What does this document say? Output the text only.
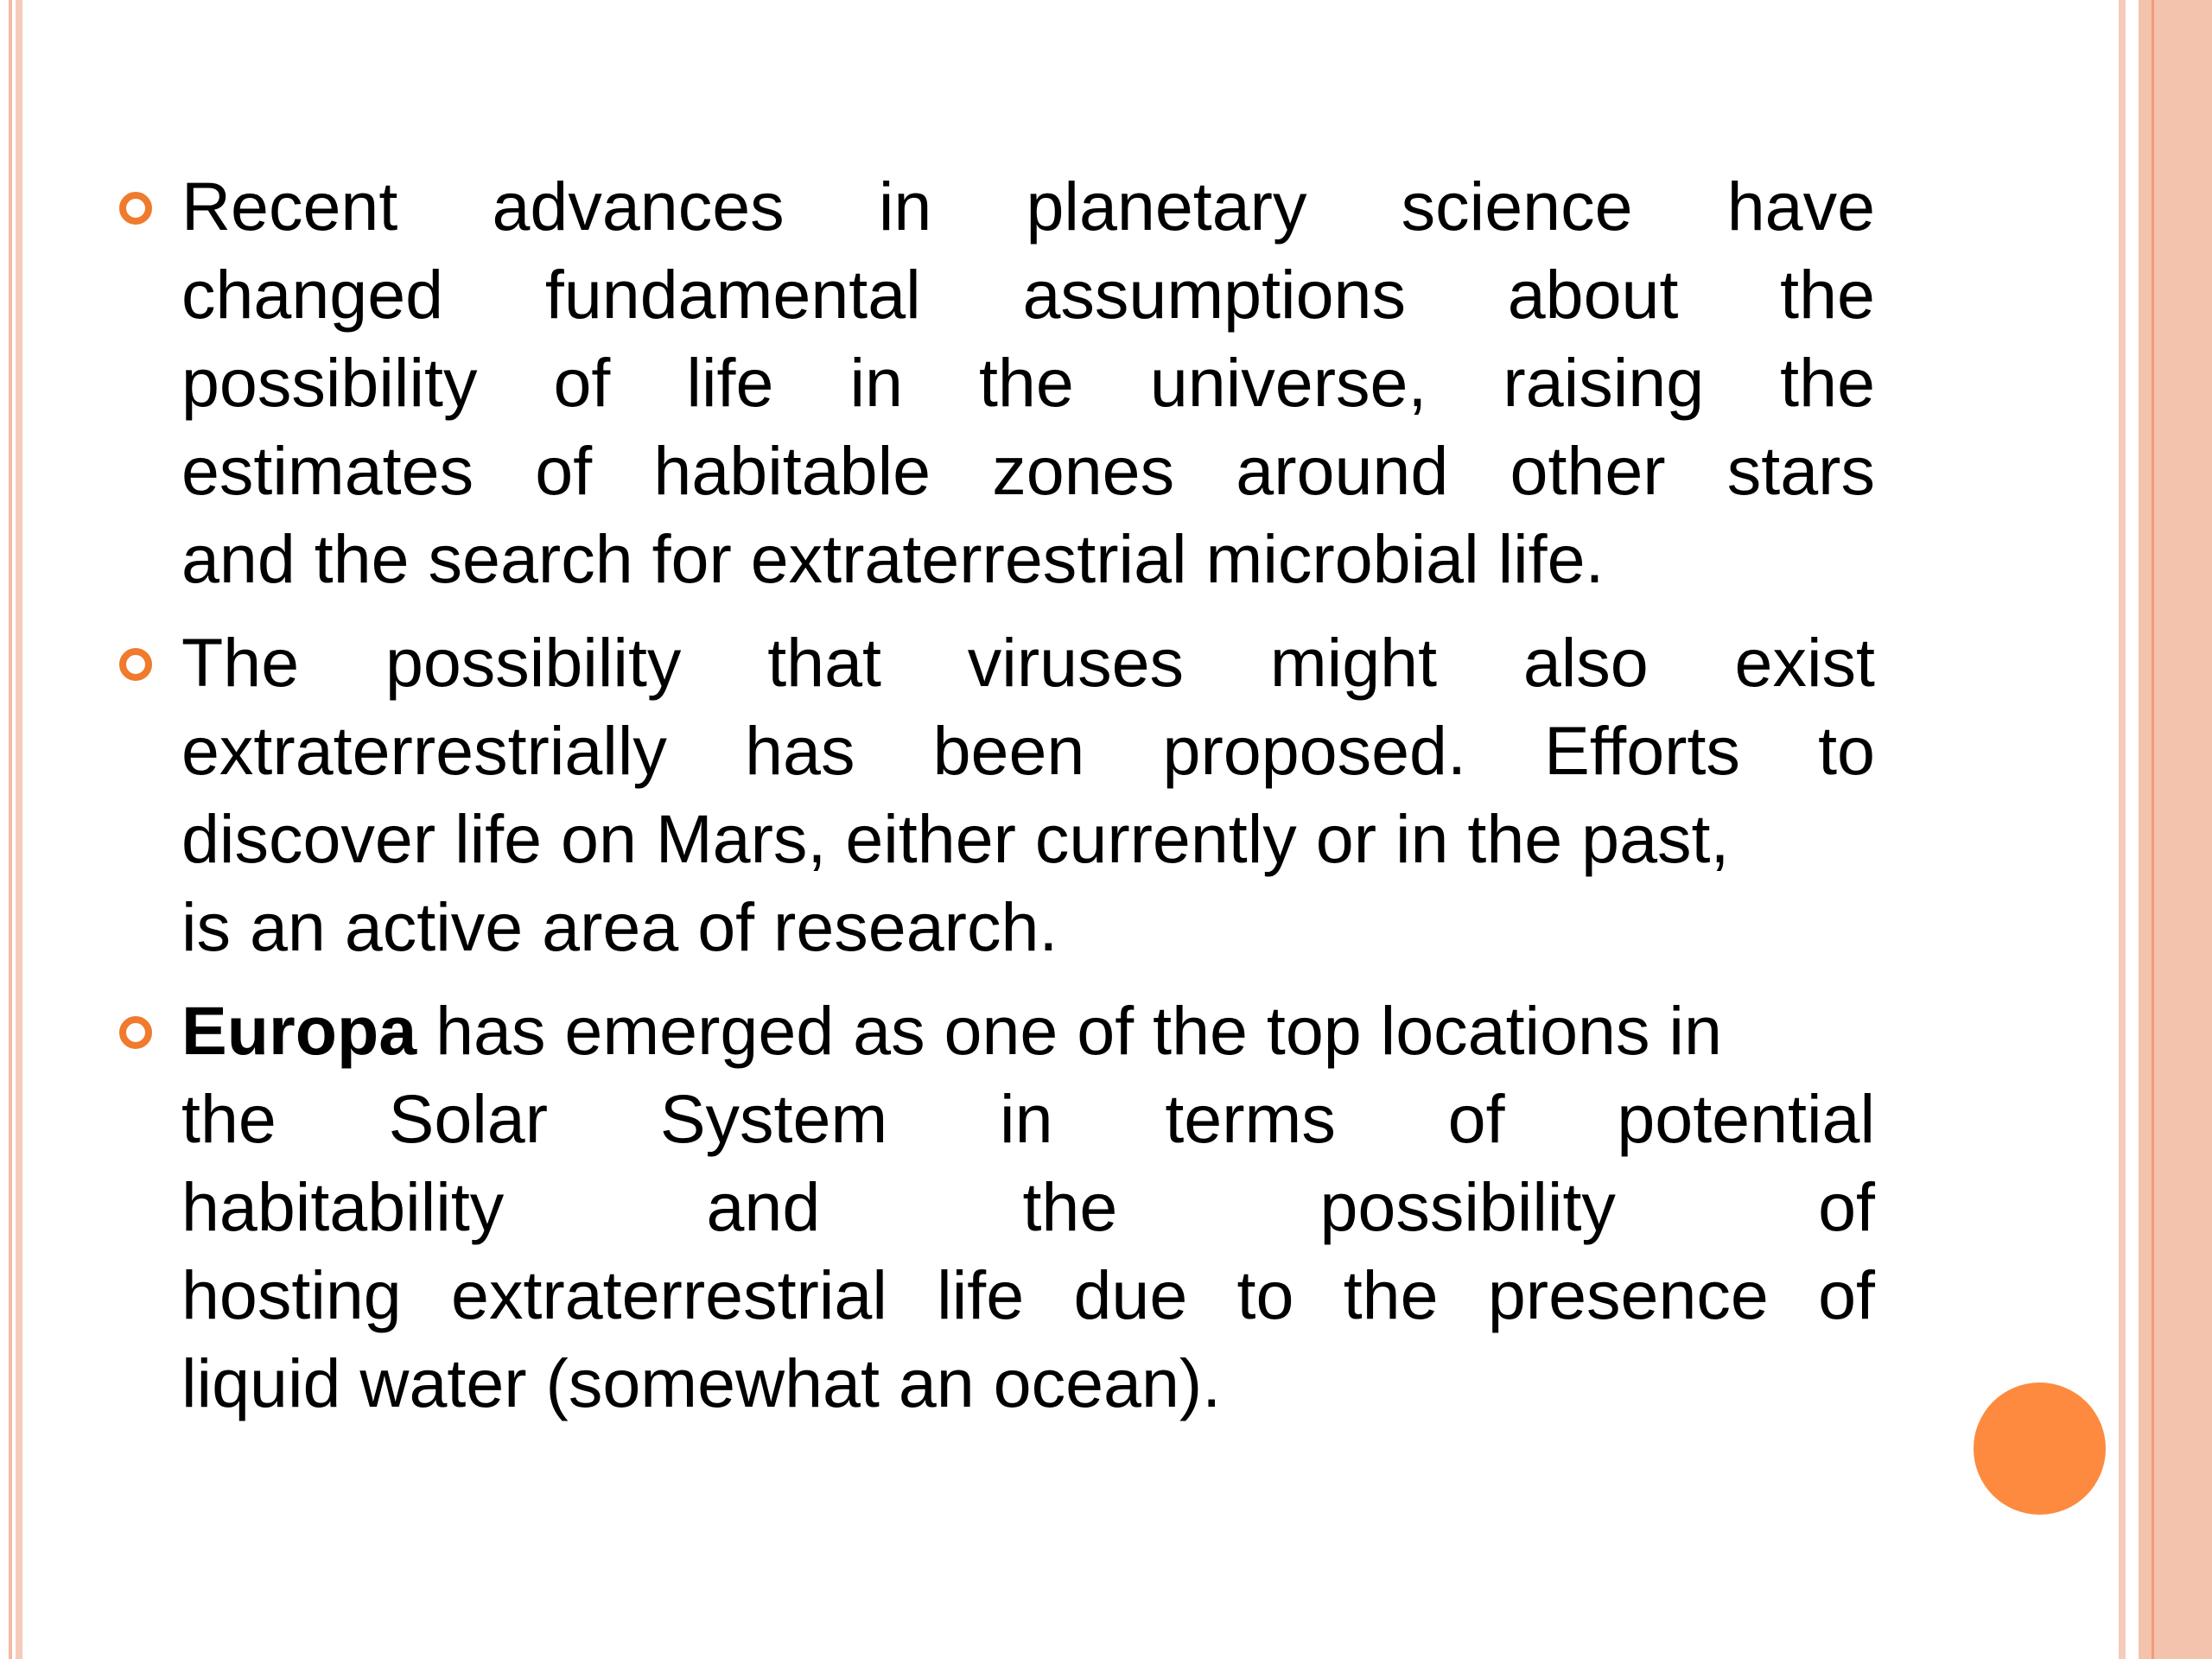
Recent advances in planetary science have
changed fundamental assumptions about the
possibility of life in the universe, raising the
estimates of habitable zones around other stars
and the search for extraterrestrial microbial life.
The possibility that viruses might also exist
extraterrestrially has been proposed. Efforts to
discover life on Mars, either currently or in the past,
is an active area of research.
Europa has emerged as one of the top locations in
the Solar System in terms of potential
habitability and the possibility of
hosting extraterrestrial life due to the presence of
liquid water (somewhat an ocean).
